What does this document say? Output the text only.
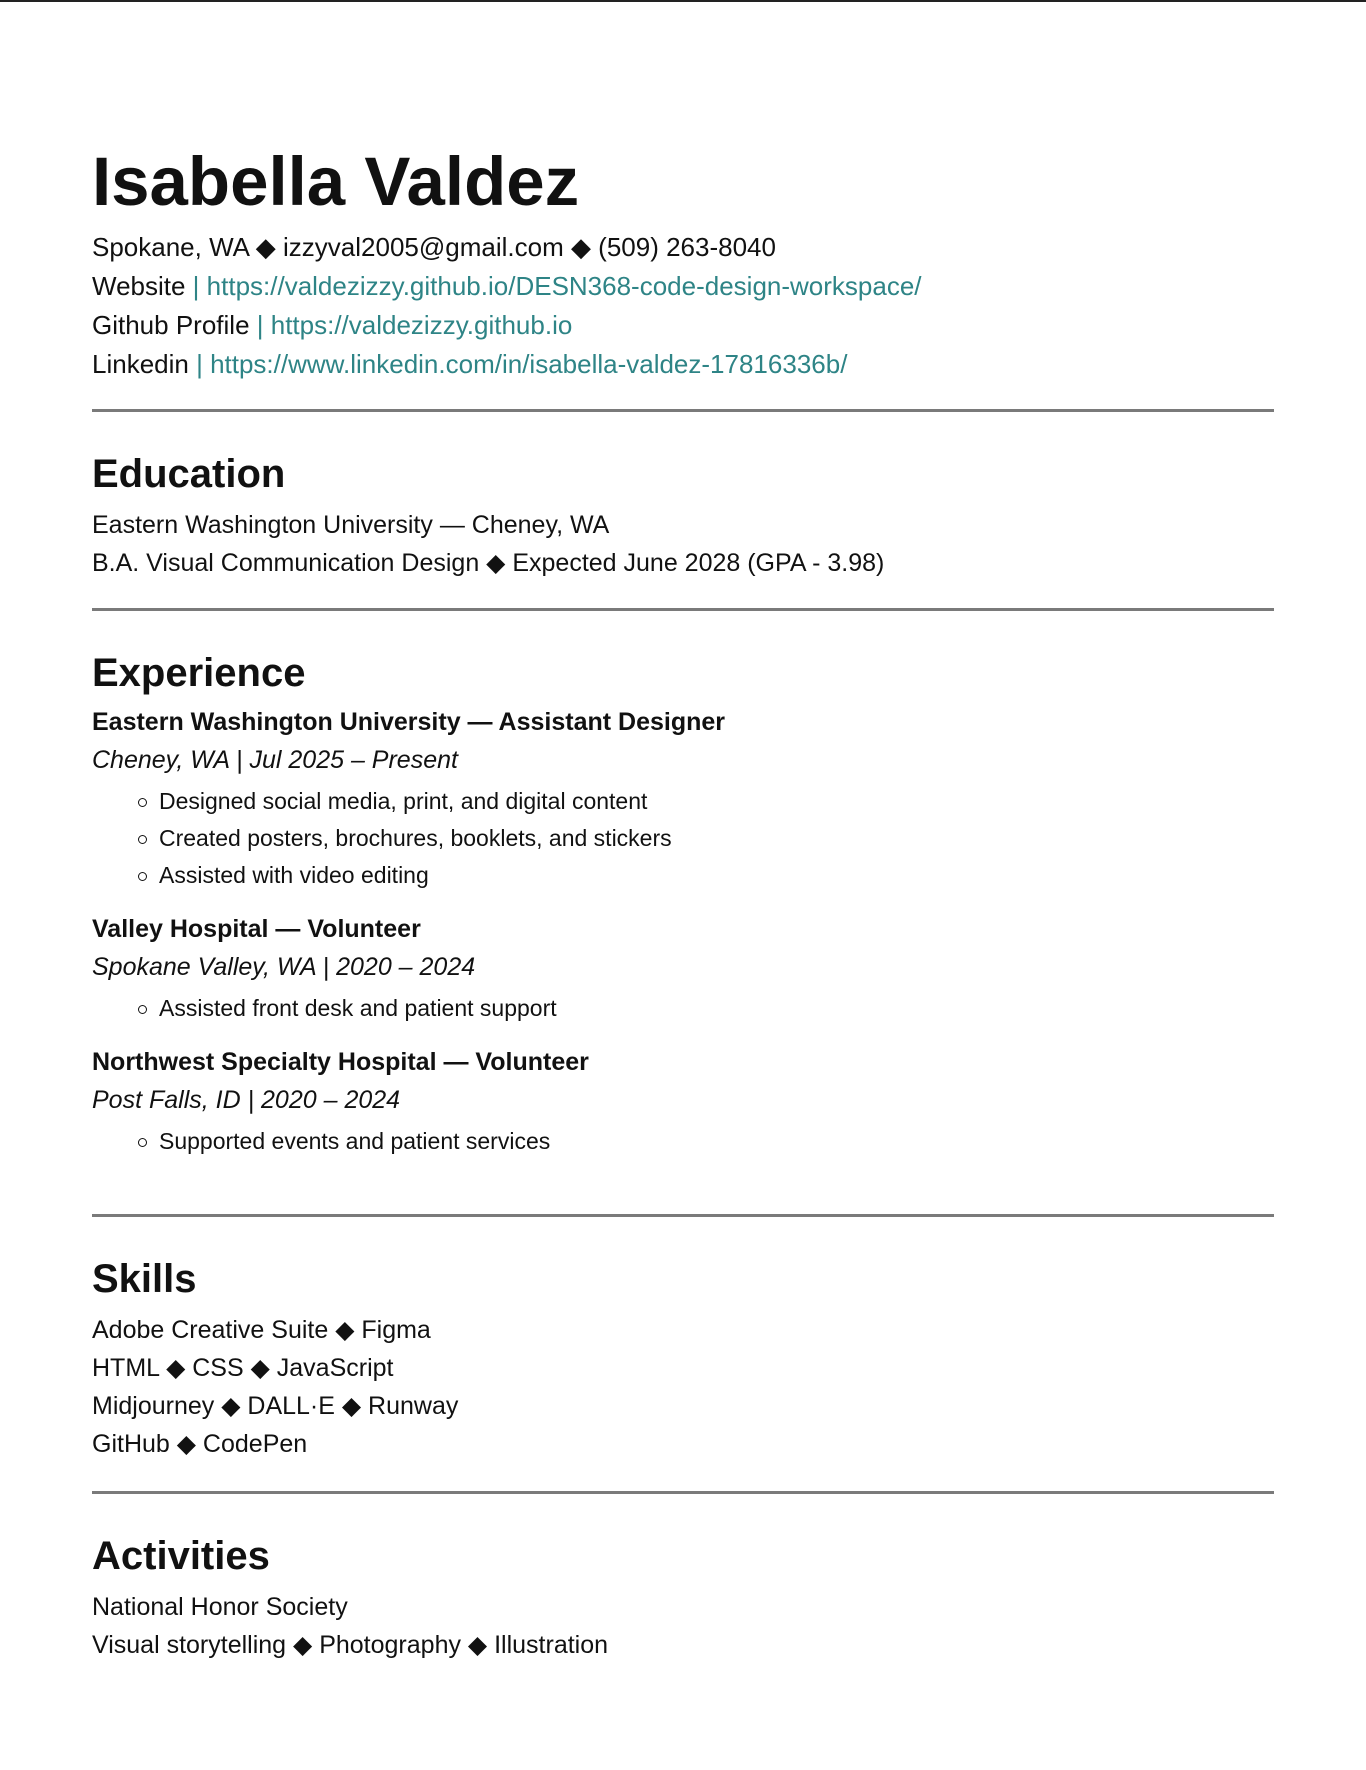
Isabella Valdez
Spokane, WA ◆ izzyval2005@gmail.com ◆ (509) 263-8040
Website | https://valdezizzy.github.io/DESN368-code-design-workspace/
Github Profile | https://valdezizzy.github.io
Linkedin | https://www.linkedin.com/in/isabella-valdez-17816336b/
Education
Eastern Washington University — Cheney, WA
B.A. Visual Communication Design ◆ Expected June 2028 (GPA - 3.98)
Experience
Eastern Washington University — Assistant Designer
Cheney, WA | Jul 2025 – Present
Designed social media, print, and digital content
Created posters, brochures, booklets, and stickers
Assisted with video editing
Valley Hospital — Volunteer
Spokane Valley, WA | 2020 – 2024
Assisted front desk and patient support
Northwest Specialty Hospital — Volunteer
Post Falls, ID | 2020 – 2024
Supported events and patient services
Skills
Adobe Creative Suite ◆ Figma
HTML ◆ CSS ◆ JavaScript
Midjourney ◆ DALL·E ◆ Runway
GitHub ◆ CodePen
Activities
National Honor Society
Visual storytelling ◆ Photography ◆ Illustration
